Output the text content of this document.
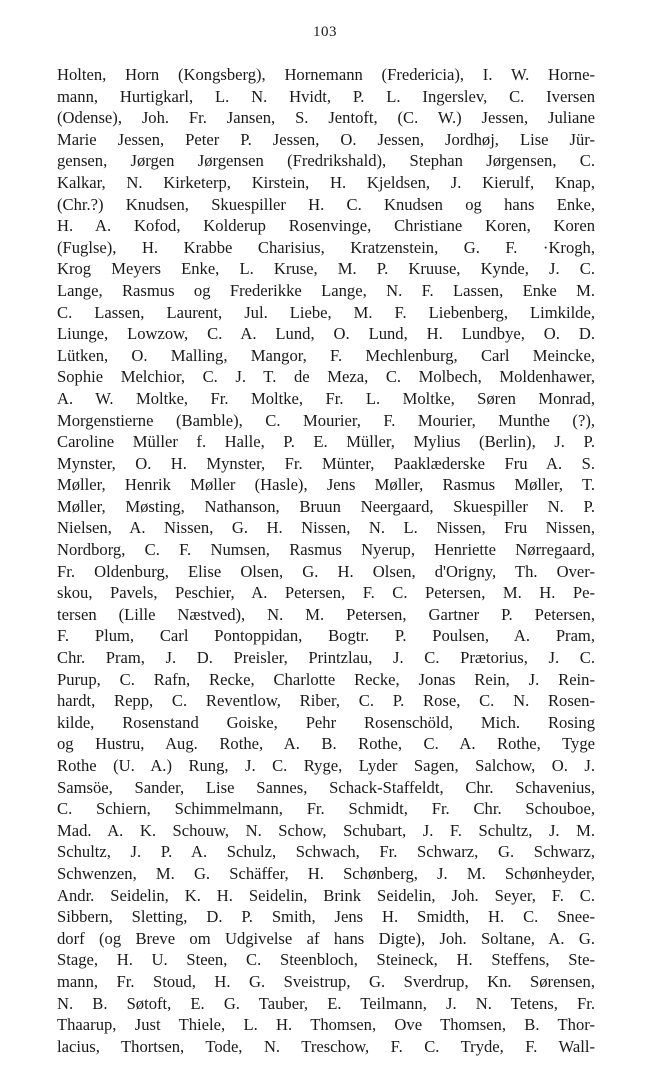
103
Holten, Horn (Kongsberg), Hornemann (Fredericia), I. W. Horne-
mann, Hurtigkarl, L. N. Hvidt, P. L. Ingerslev, C. Iversen
(Odense), Joh. Fr. Jansen, S. Jentoft, (C. W.) Jessen, Juliane
Marie Jessen, Peter P. Jessen, O. Jessen, Jordhøj, Lise Jür-
gensen, Jørgen Jørgensen (Fredrikshald), Stephan Jørgensen, C.
Kalkar, N. Kirketerp, Kirstein, H. Kjeldsen, J. Kierulf, Knap,
(Chr.?) Knudsen, Skuespiller H. C. Knudsen og hans Enke,
H. A. Kofod, Kolderup Rosenvinge, Christiane Koren, Koren
(Fuglse), H. Krabbe Charisius, Kratzenstein, G. F. ·Krogh,
Krog Meyers Enke, L. Kruse, M. P. Kruuse, Kynde, J. C.
Lange, Rasmus og Frederikke Lange, N. F. Lassen, Enke M.
C. Lassen, Laurent, Jul. Liebe, M. F. Liebenberg, Limkilde,
Liunge, Lowzow, C. A. Lund, O. Lund, H. Lundbye, O. D.
Lütken, O. Malling, Mangor, F. Mechlenburg, Carl Meincke,
Sophie Melchior, C. J. T. de Meza, C. Molbech, Moldenhawer,
A. W. Moltke, Fr. Moltke, Fr. L. Moltke, Søren Monrad,
Morgenstierne (Bamble), C. Mourier, F. Mourier, Munthe (?),
Caroline Müller f. Halle, P. E. Müller, Mylius (Berlin), J. P.
Mynster, O. H. Mynster, Fr. Münter, Paaklæderske Fru A. S.
Møller, Henrik Møller (Hasle), Jens Møller, Rasmus Møller, T.
Møller, Møsting, Nathanson, Bruun Neergaard, Skuespiller N. P.
Nielsen, A. Nissen, G. H. Nissen, N. L. Nissen, Fru Nissen,
Nordborg, C. F. Numsen, Rasmus Nyerup, Henriette Nørregaard,
Fr. Oldenburg, Elise Olsen, G. H. Olsen, d'Origny, Th. Over-
skou, Pavels, Peschier, A. Petersen, F. C. Petersen, M. H. Pe-
tersen (Lille Næstved), N. M. Petersen, Gartner P. Petersen,
F. Plum, Carl Pontoppidan, Bogtr. P. Poulsen, A. Pram,
Chr. Pram, J. D. Preisler, Printzlau, J. C. Prætorius, J. C.
Purup, C. Rafn, Recke, Charlotte Recke, Jonas Rein, J. Rein-
hardt, Repp, C. Reventlow, Riber, C. P. Rose, C. N. Rosen-
kilde, Rosenstand Goiske, Pehr Rosenschöld, Mich. Rosing
og Hustru, Aug. Rothe, A. B. Rothe, C. A. Rothe, Tyge
Rothe (U. A.) Rung, J. C. Ryge, Lyder Sagen, Salchow, O. J.
Samsöe, Sander, Lise Sannes, Schack-Staffeldt, Chr. Schavenius,
C. Schiern, Schimmelmann, Fr. Schmidt, Fr. Chr. Schouboe,
Mad. A. K. Schouw, N. Schow, Schubart, J. F. Schultz, J. M.
Schultz, J. P. A. Schulz, Schwach, Fr. Schwarz, G. Schwarz,
Schwenzen, M. G. Schäffer, H. Schønberg, J. M. Schønheyder,
Andr. Seidelin, K. H. Seidelin, Brink Seidelin, Joh. Seyer, F. C.
Sibbern, Sletting, D. P. Smith, Jens H. Smidth, H. C. Snee-
dorf (og Breve om Udgivelse af hans Digte), Joh. Soltane, A. G.
Stage, H. U. Steen, C. Steenbloch, Steineck, H. Steffens, Ste-
mann, Fr. Stoud, H. G. Sveistrup, G. Sverdrup, Kn. Sørensen,
N. B. Søtoft, E. G. Tauber, E. Teilmann, J. N. Tetens, Fr.
Thaarup, Just Thiele, L. H. Thomsen, Ove Thomsen, B. Thor-
lacius, Thortsen, Tode, N. Treschow, F. C. Tryde, F. Wall-
